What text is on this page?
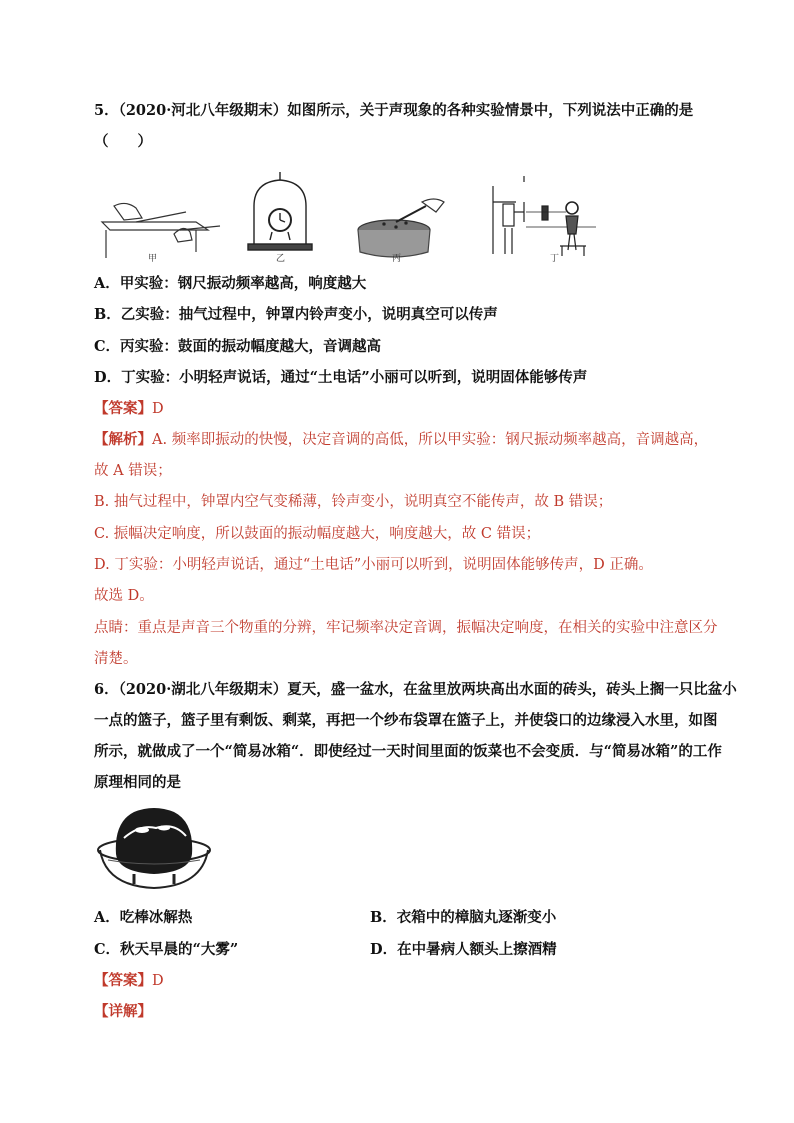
5．（2020·河北八年级期末）如图所示，关于声现象的各种实验情景中，下列说法中正确的是
（　　）
甲	乙	丙	丁
A．甲实验：钢尺振动频率越高，响度越大
B．乙实验：抽气过程中，钟罩内铃声变小，说明真空可以传声
C．丙实验：鼓面的振动幅度越大，音调越高
D．丁实验：小明轻声说话，通过“土电话”小丽可以听到，说明固体能够传声
【答案】D
【解析】A. 频率即振动的快慢，决定音调的高低，所以甲实验：钢尺振动频率越高，音调越高，
故 A 错误；
B. 抽气过程中，钟罩内空气变稀薄，铃声变小，说明真空不能传声，故 B 错误；
C. 振幅决定响度，所以鼓面的振动幅度越大，响度越大，故 C 错误；
D. 丁实验：小明轻声说话，通过“土电话”小丽可以听到，说明固体能够传声，D 正确。
故选 D。
点睛：重点是声音三个物重的分辨，牢记频率决定音调，振幅决定响度，在相关的实验中注意区分
清楚。
6．（2020·湖北八年级期末）夏天，盛一盆水，在盆里放两块高出水面的砖头，砖头上搁一只比盆小
一点的篮子，篮子里有剩饭、剩菜，再把一个纱布袋罩在篮子上，并使袋口的边缘浸入水里，如图
所示，就做成了一个“简易冰箱“．即使经过一天时间里面的饭菜也不会变质．与“简易冰箱”的工作
原理相同的是
A．吃棒冰解热	B．衣箱中的樟脑丸逐渐变小
C．秋天早晨的“大雾”	D．在中暑病人额头上擦酒精
【答案】D
【详解】
